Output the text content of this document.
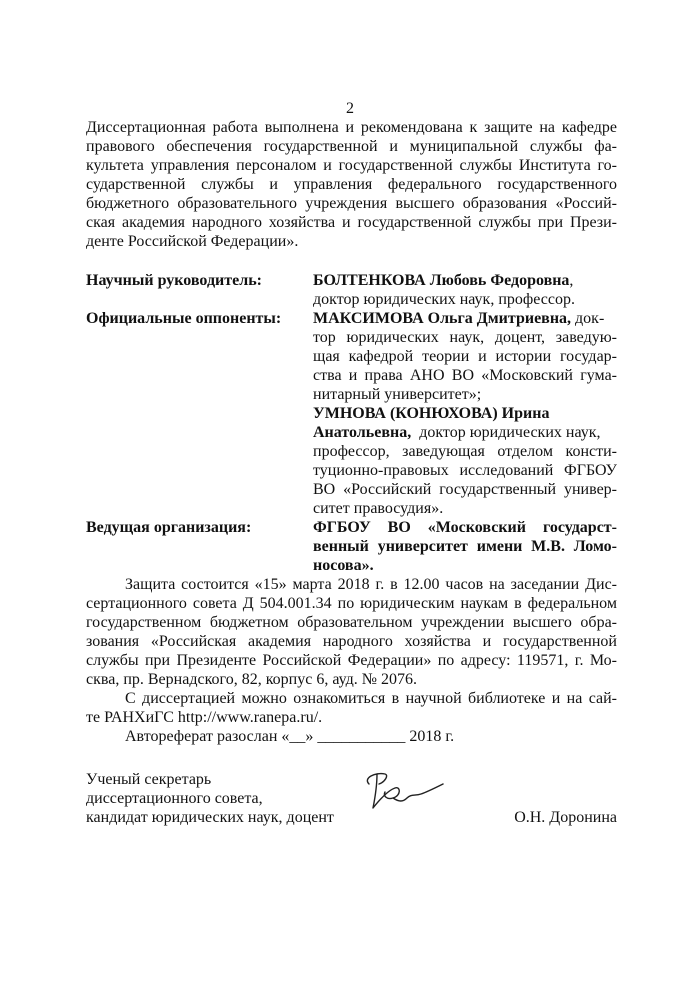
2
Диссертационная работа выполнена и рекомендована к защите на кафедре
правового обеспечения государственной и муниципальной службы фа-
культета управления персоналом и государственной службы Института го-
сударственной службы и управления федерального государственного
бюджетного образовательного учреждения высшего образования «Россий-
ская академия народного хозяйства и государственной службы при Прези-
денте Российской Федерации».
Научный руководитель:	БОЛТЕНКОВА Любовь Федоровна,
доктор юридических наук, профессор.
Официальные оппоненты:	МАКСИМОВА Ольга Дмитриевна, док-
тор юридических наук, доцент, заведую-
щая кафедрой теории и истории государ-
ства и права АНО ВО «Московский гума-
нитарный университет»;
УМНОВА (КОНЮХОВА) Ирина
Анатольевна,  доктор юридических наук,
профессор, заведующая отделом консти-
туционно-правовых исследований ФГБОУ
ВО «Российский государственный универ-
ситет правосудия».
Ведущая организация:	ФГБОУ ВО «Московский государст-
венный университет имени М.В. Ломо-
носова».
Защита состоится «15» марта 2018 г. в 12.00 часов на заседании Дис-
сертационного совета Д 504.001.34 по юридическим наукам в федеральном
государственном бюджетном образовательном учреждении высшего обра-
зования «Российская академия народного хозяйства и государственной
службы при Президенте Российской Федерации» по адресу: 119571, г. Мо-
сква, пр. Вернадского, 82, корпус 6, ауд. № 2076.
С диссертацией можно ознакомиться в научной библиотеке и на сай-
те РАНХиГС http://www.ranepa.ru/.
Автореферат разослан «__» ___________ 2018 г.
Ученый секретарь
диссертационного совета,
кандидат юридических наук, доцент	О.Н. Доронина
